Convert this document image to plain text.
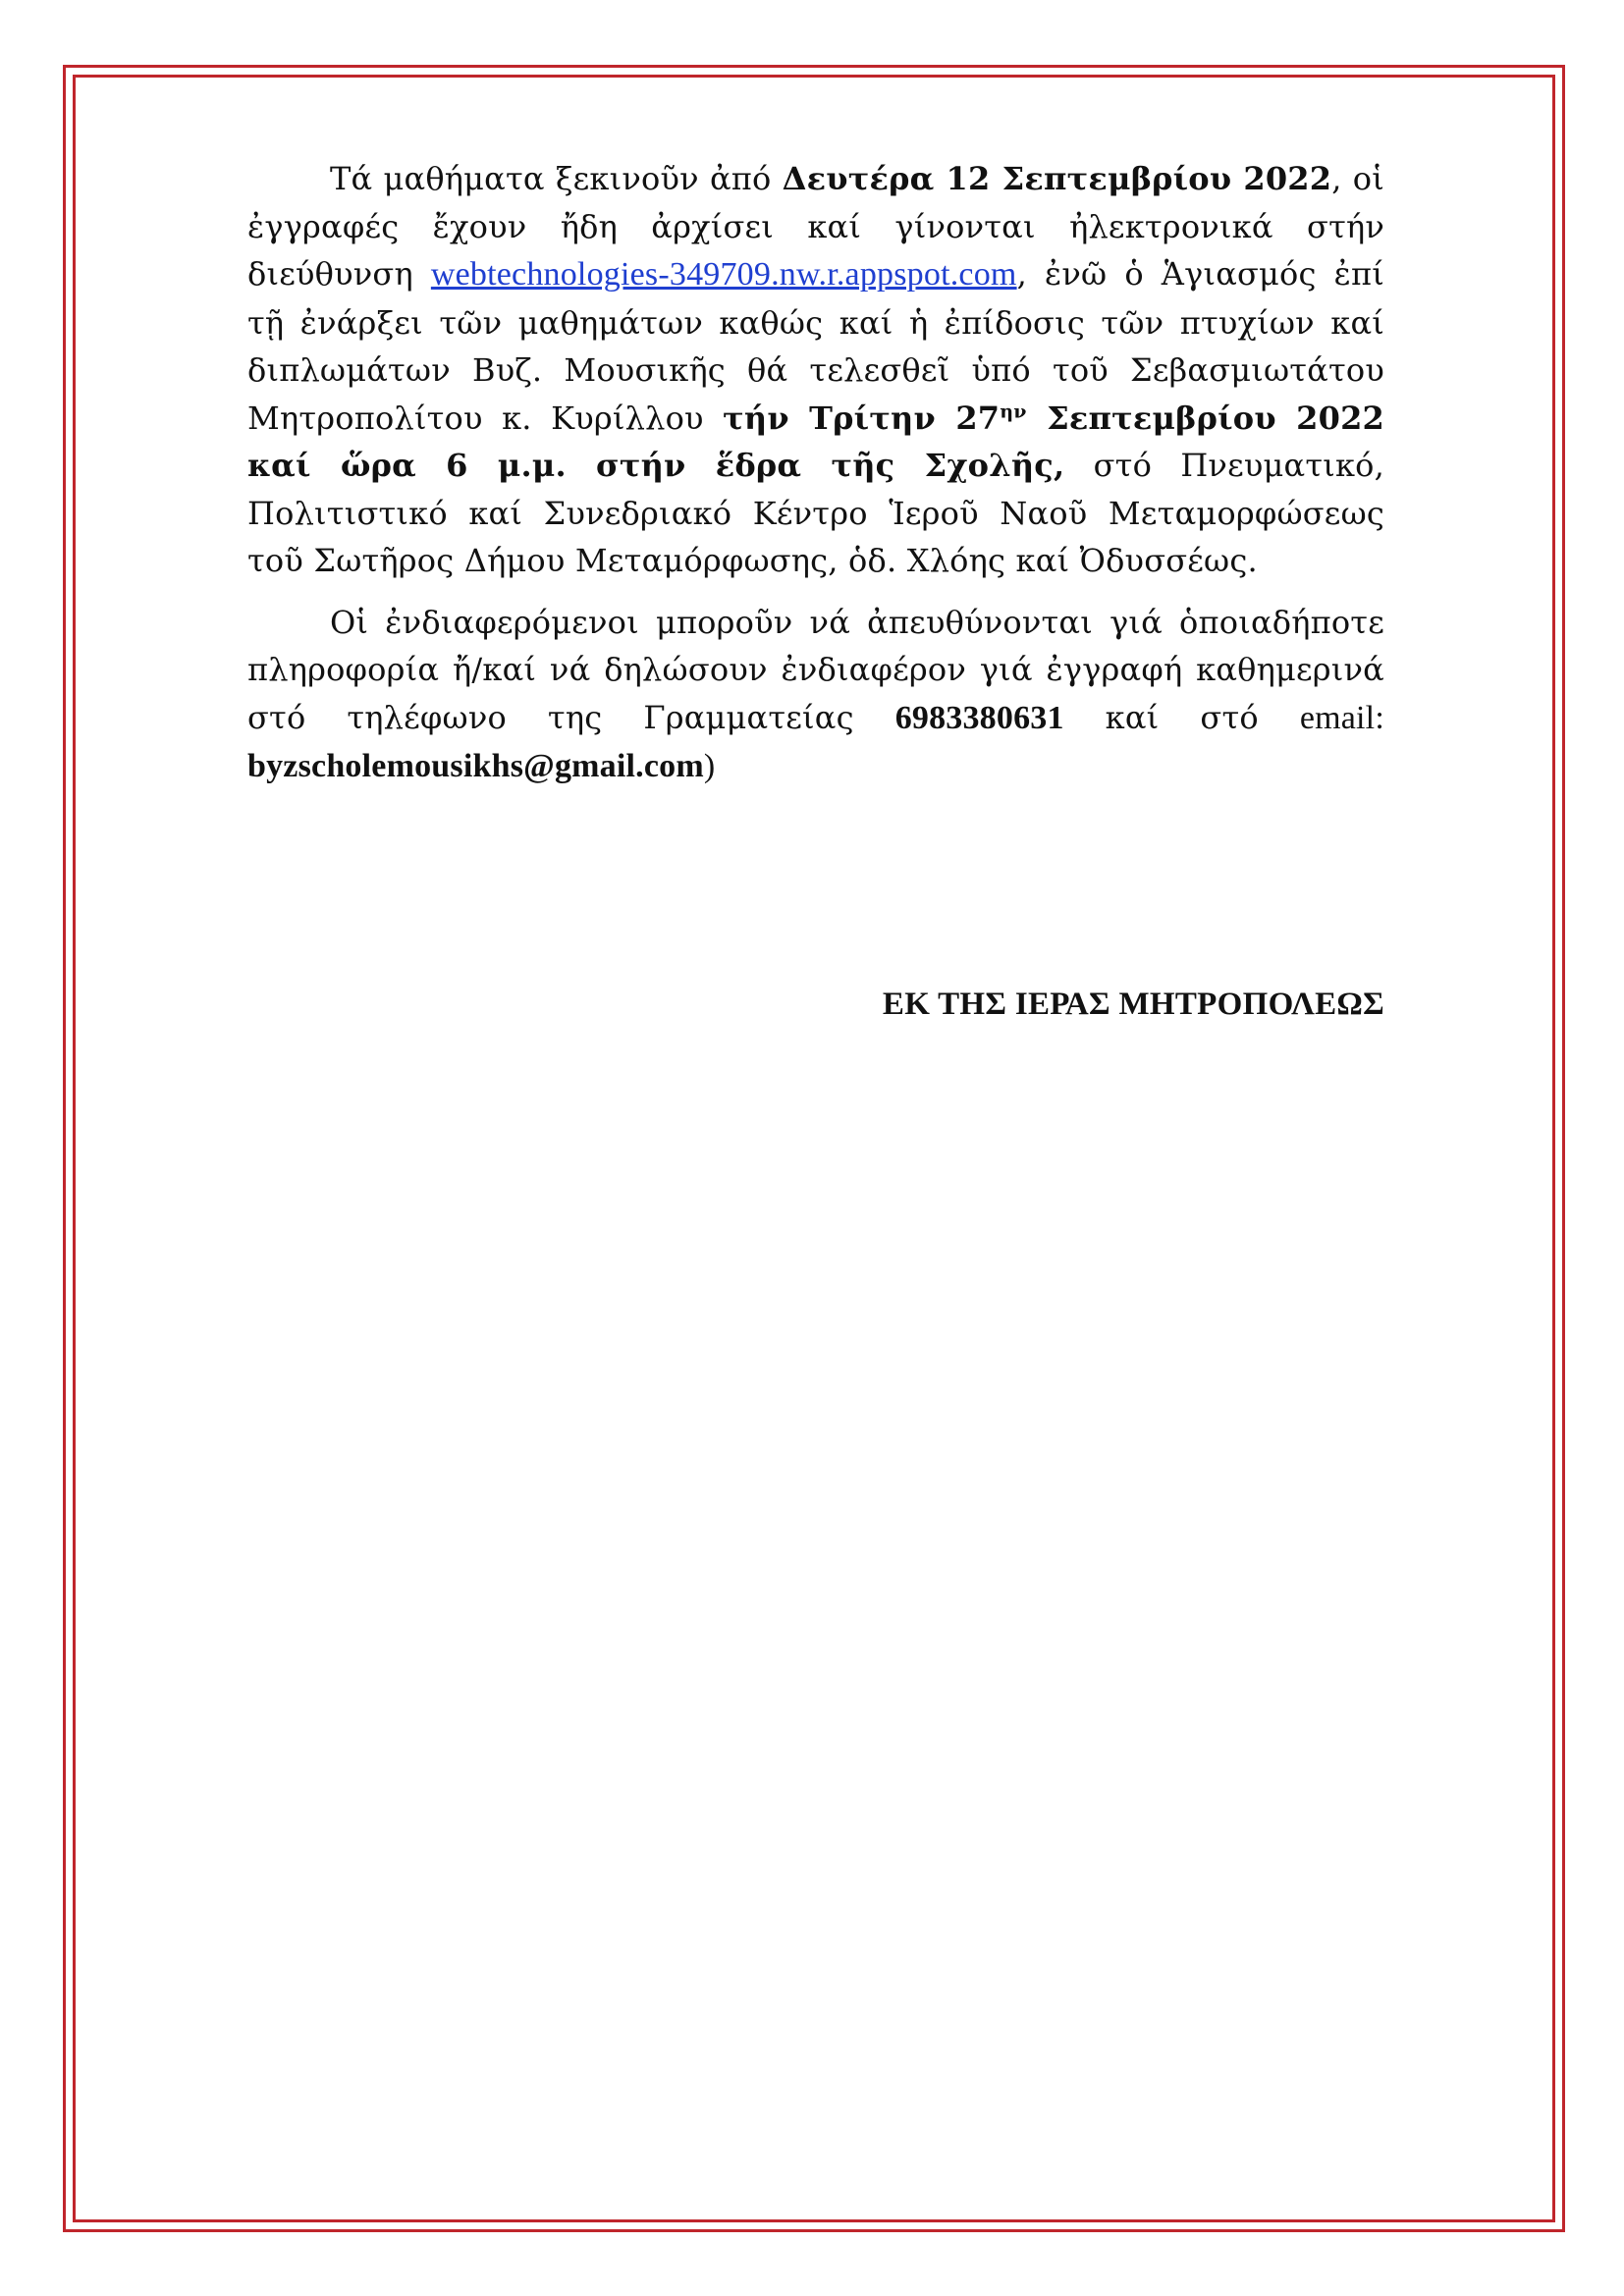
Τά μαθήματα ξεκινοῦν ἀπό Δευτέρα 12 Σεπτεμβρίου 2022, οἱ ἐγγραφές ἔχουν ἤδη ἀρχίσει καί γίνονται ἠλεκτρονικά στήν διεύθυνση webtechnologies-349709.nw.r.appspot.com, ἐνῶ ὁ Ἁγιασμός ἐπί τῇ ἐνάρξει τῶν μαθημάτων καθώς καί ἡ ἐπίδοσις τῶν πτυχίων καί διπλωμάτων Βυζ. Μουσικῆς θά τελεσθεῖ ὑπό τοῦ Σεβασμιωτάτου Μητροπολίτου κ. Κυρίλλου τήν Τρίτην $27^{\eta\nu}$ Σεπτεμβρίου 2022 καί ὥρα 6 μ.μ. στήν ἕδρα τῆς Σχολῆς, στό Πνευματικό, Πολιτιστικό καί Συνεδριακό Κέντρο Ἱεροῦ Ναοῦ Μεταμορφώσεως τοῦ Σωτῆρος Δήμου Μεταμόρφωσης, ὁδ. Χλόης καί Ὀδυσσέως.

Οἱ ἐνδιαφερόμενοι μποροῦν νά ἀπευθύνονται γιά ὁποιαδήποτε πληροφορία ἤ/καί νά δηλώσουν ἐνδιαφέρον γιά ἐγγραφή καθημερινά στό τηλέφωνο της Γραμματείας 6983380631 καί στό email: byzscholemousikhs@gmail.com)

ΕΚ ΤΗΣ ΙΕΡΑΣ ΜΗΤΡΟΠΟΛΕΩΣ
